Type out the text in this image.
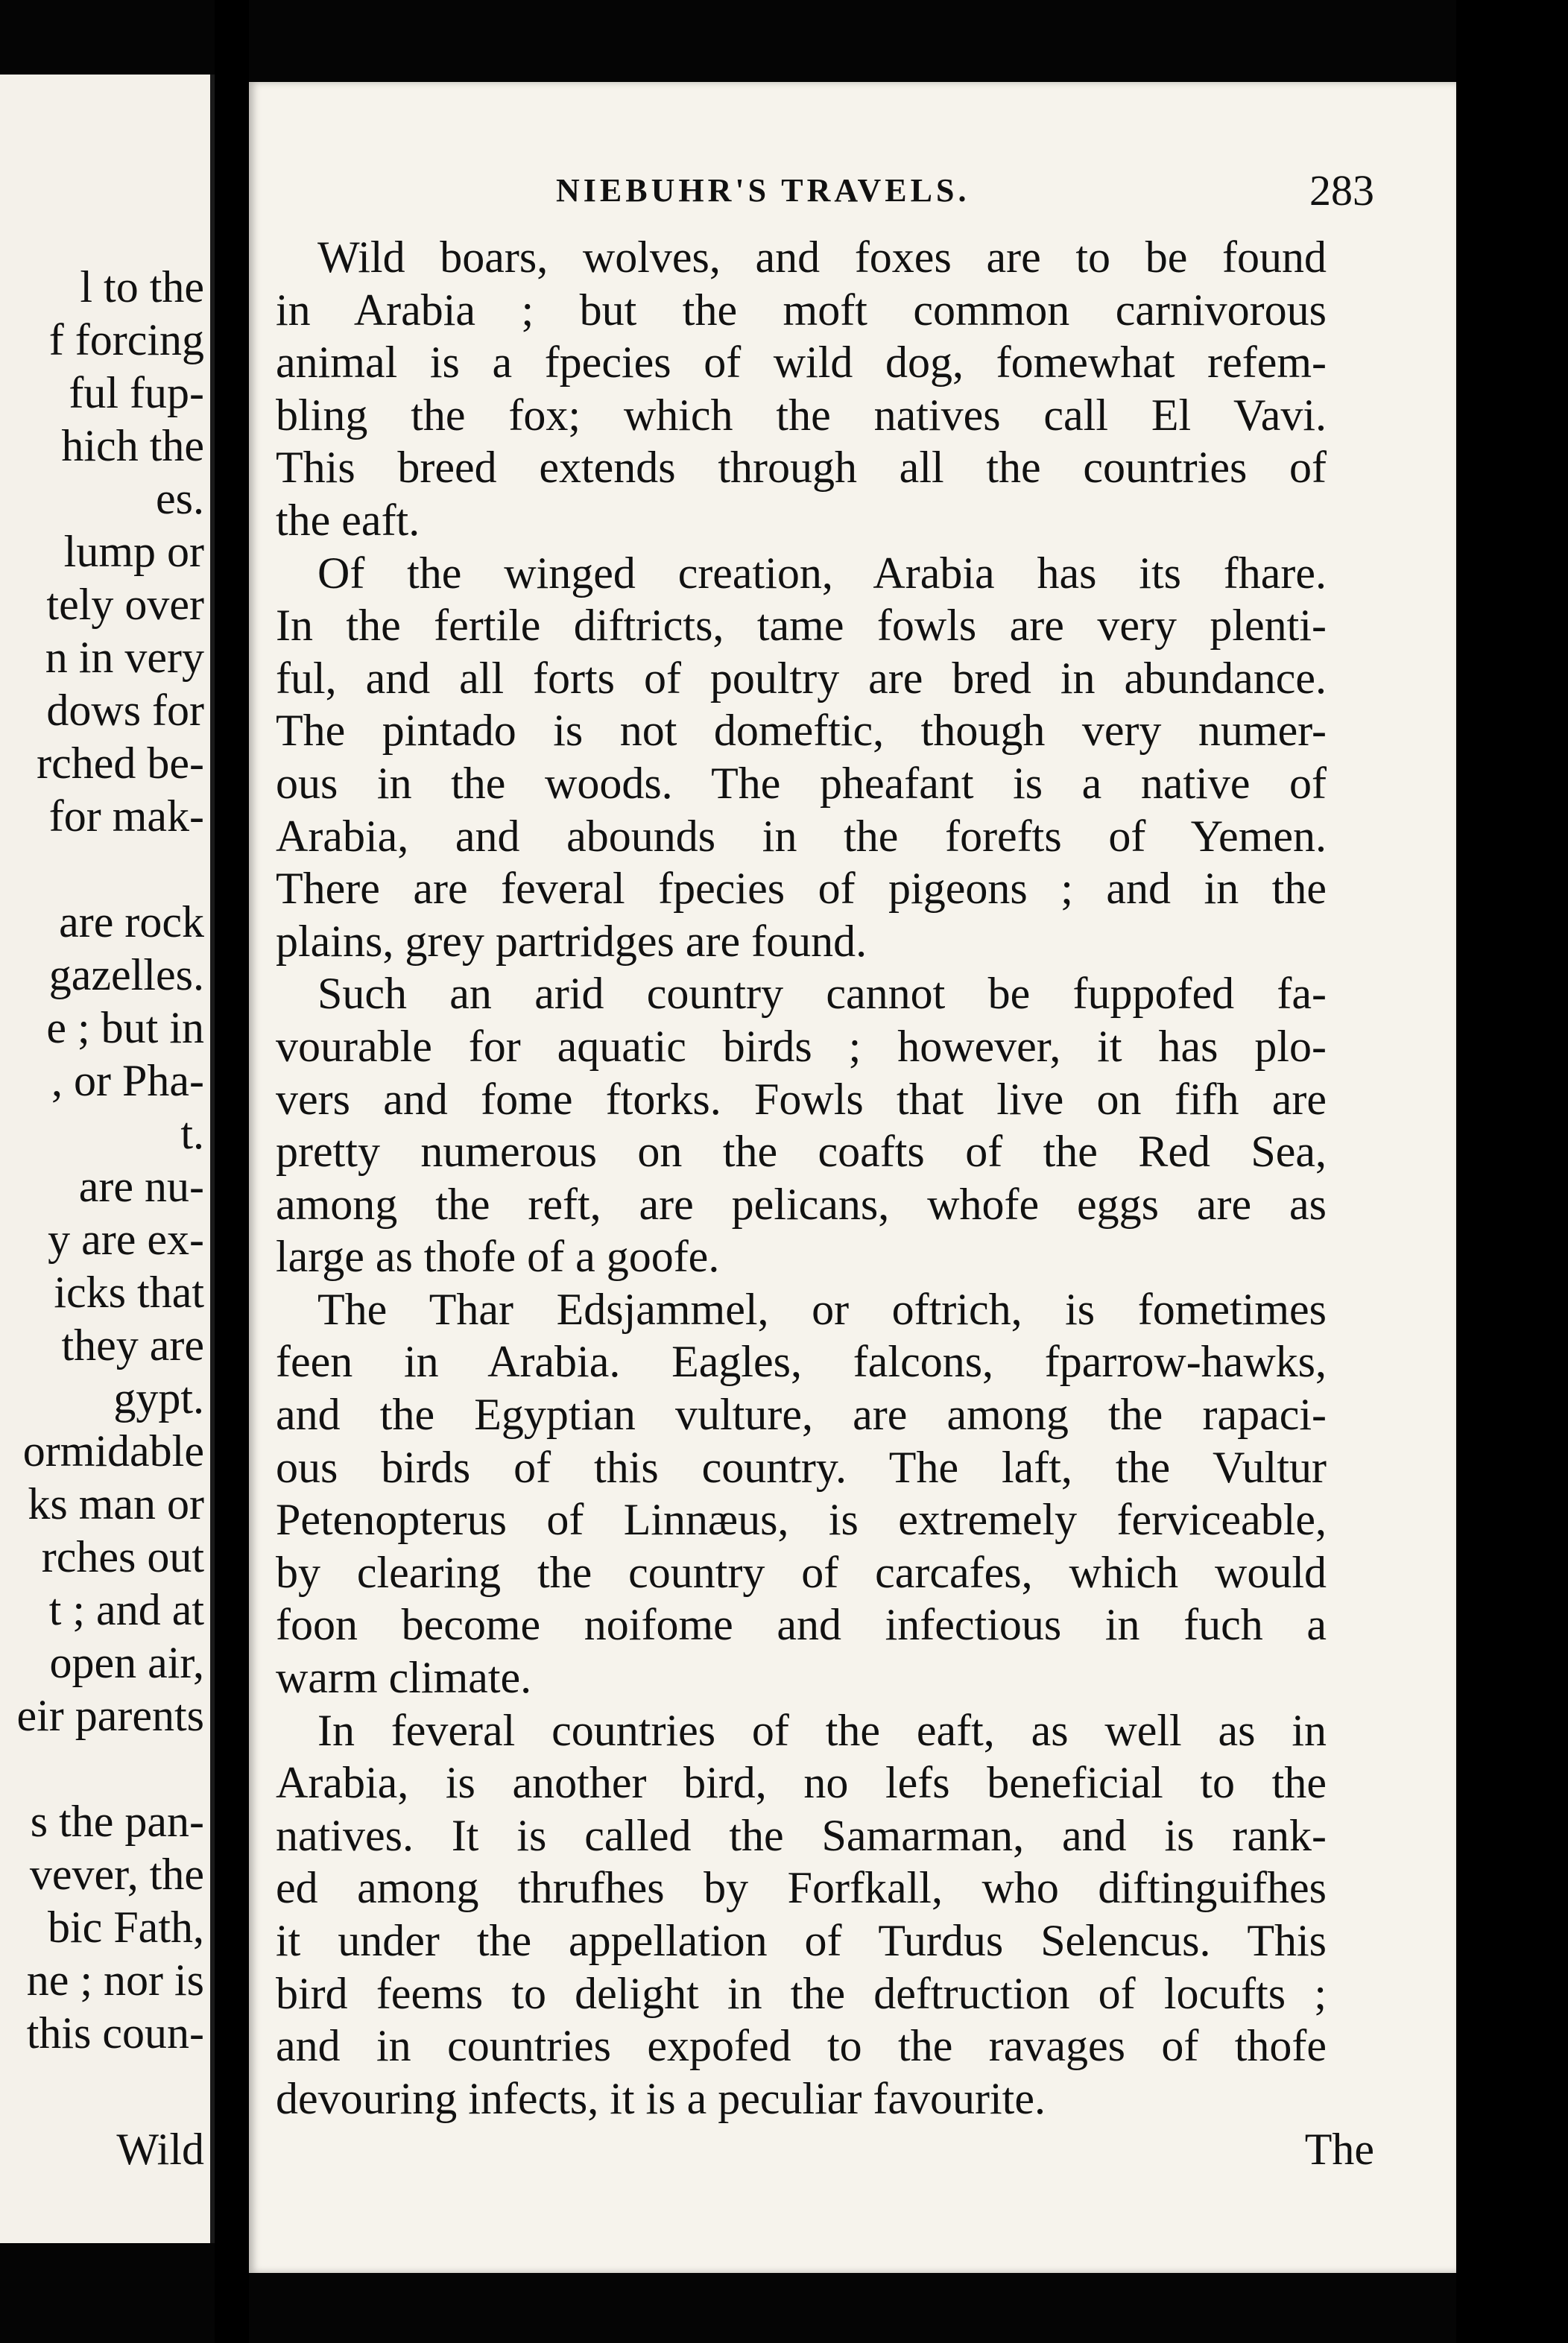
l to the
f forcing
ful fup-
hich the
es.
lump or
tely over
n in very
dows for
rched be-
for mak-
are rock
gazelles.
e ; but in
, or Pha-
t.
are nu-
y are ex-
icks that
they are
gypt.
ormidable
ks man or
rches out
t ; and at
open air,
eir parents
s the pan-
vever, the
bic Fath,
ne ; nor is
this coun-
Wild
NIEBUHR'S TRAVELS.	283
Wild boars, wolves, and foxes are to be found
in Arabia ; but the moft common carnivorous
animal is a fpecies of wild dog, fomewhat refem-
bling the fox; which the natives call El Vavi.
This breed extends through all the countries of
the eaft.
Of the winged creation, Arabia has its fhare.
In the fertile diftricts, tame fowls are very plenti-
ful, and all forts of poultry are bred in abundance.
The pintado is not domeftic, though very numer-
ous in the woods. The pheafant is a native of
Arabia, and abounds in the forefts of Yemen.
There are feveral fpecies of pigeons ; and in the
plains, grey partridges are found.
Such an arid country cannot be fuppofed fa-
vourable for aquatic birds ; however, it has plo-
vers and fome ftorks. Fowls that live on fifh are
pretty numerous on the coafts of the Red Sea,
among the reft, are pelicans, whofe eggs are as
large as thofe of a goofe.
The Thar Edsjammel, or oftrich, is fometimes
feen in Arabia. Eagles, falcons, fparrow-hawks,
and the Egyptian vulture, are among the rapaci-
ous birds of this country. The laft, the Vultur
Petenopterus of Linnæus, is extremely ferviceable,
by clearing the country of carcafes, which would
foon become noifome and infectious in fuch a
warm climate.
In feveral countries of the eaft, as well as in
Arabia, is another bird, no lefs beneficial to the
natives. It is called the Samarman, and is rank-
ed among thrufhes by Forfkall, who diftinguifhes
it under the appellation of Turdus Selencus. This
bird feems to delight in the deftruction of locufts ;
and in countries expofed to the ravages of thofe
devouring infects, it is a peculiar favourite.
The
